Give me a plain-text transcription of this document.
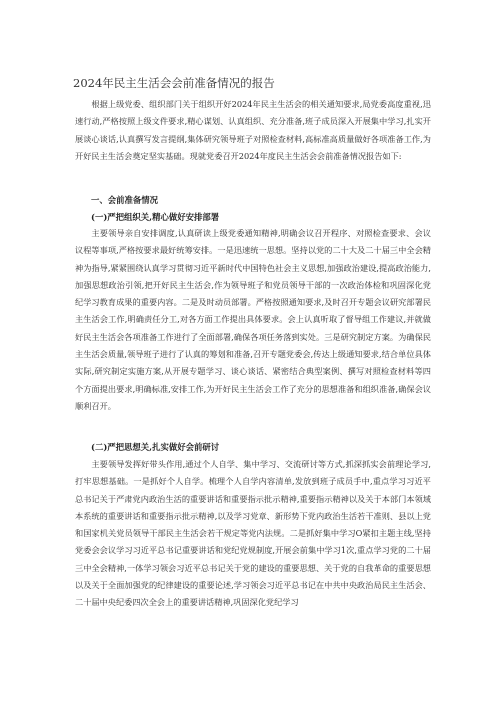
2024年民主生活会会前准备情况的报告
根据上级党委、组织部门关于组织开好2024年民主生活会的相关通知要求,局党委高度重视,迅速行动,严格按照上级文件要求,精心谋划、认真组织、充分准备,班子成员深入开展集中学习,扎实开展谈心谈话,认真撰写发言提纲,集体研究领导班子对照检查材料,高标准高质量做好各项准备工作,为开好民主生活会奠定坚实基础。现就党委召开2024年度民主生活会会前准备情况报告如下:
一、会前准备情况
(一)严把组织关,精心做好安排部署
主要领导亲自安排调度,认真研读上级党委通知精神,明确会议召开程序、对照检查要求、会议议程等事项,严格按要求最好统筹安排。一是迅速统一思想。坚持以党的二十大及二十届三中全会精神为指导,紧紧围绕认真学习贯彻习近平新时代中国特色社会主义思想,加强政治建设,提高政治能力,加强思想政治引领,把开好民主生活会,作为领导班子和党员领导干部的一次政治体检和巩固深化党纪学习教育成果的重要内容。二是及时动员部署。严格按照通知要求,及时召开专题会议研究部署民主生活会工作,明确责任分工,对各方面工作提出具体要求。会上认真听取了督导组工作建议,并就做好民主生活会各项准备工作进行了全面部署,确保各项任务落到实处。三是研究制定方案。为确保民主生活会质量,领导班子进行了认真的筹划和准备,召开专题党委会,传达上级通知要求,结合单位具体实际,研究制定实施方案,从开展专题学习、谈心谈话、紧密结合典型案例、撰写对照检查材料等四个方面提出要求,明确标准,安排工作,为开好民主生活会工作了充分的思想准备和组织准备,确保会议顺利召开。
(二)严把思想关,扎实做好会前研讨
主要领导发挥好带头作用,通过个人自学、集中学习、交流研讨等方式,抓深抓实会前理论学习,打牢思想基础。一是抓好个人自学。梳理个人自学内容清单,发放到班子成员手中,重点学习习近平总书记关于严肃党内政治生活的重要讲话和重要指示批示精神,重要指示精神以及关于本部门本领域本系统的重要讲话和重要指示批示精神,以及学习党章、新形势下党内政治生活若干准则、县以上党和国家机关党员领导干部民主生活会若干规定等党内法规。二是抓好集中学习O紧扣主题主线,坚持党委会会议学习习近平总书记重要讲话和党纪党规制度,开展会前集中学习1次,重点学习党的二十届三中全会精神,一体学习领会习近平总书记关于党的建设的重要思想、关于党的自我革命的重要思想以及关于全面加强党的纪律建设的重要论述,学习领会习近平总书记在中共中央政治局民主生活会、二十届中央纪委四次全会上的重要讲话精神,巩固深化党纪学习
